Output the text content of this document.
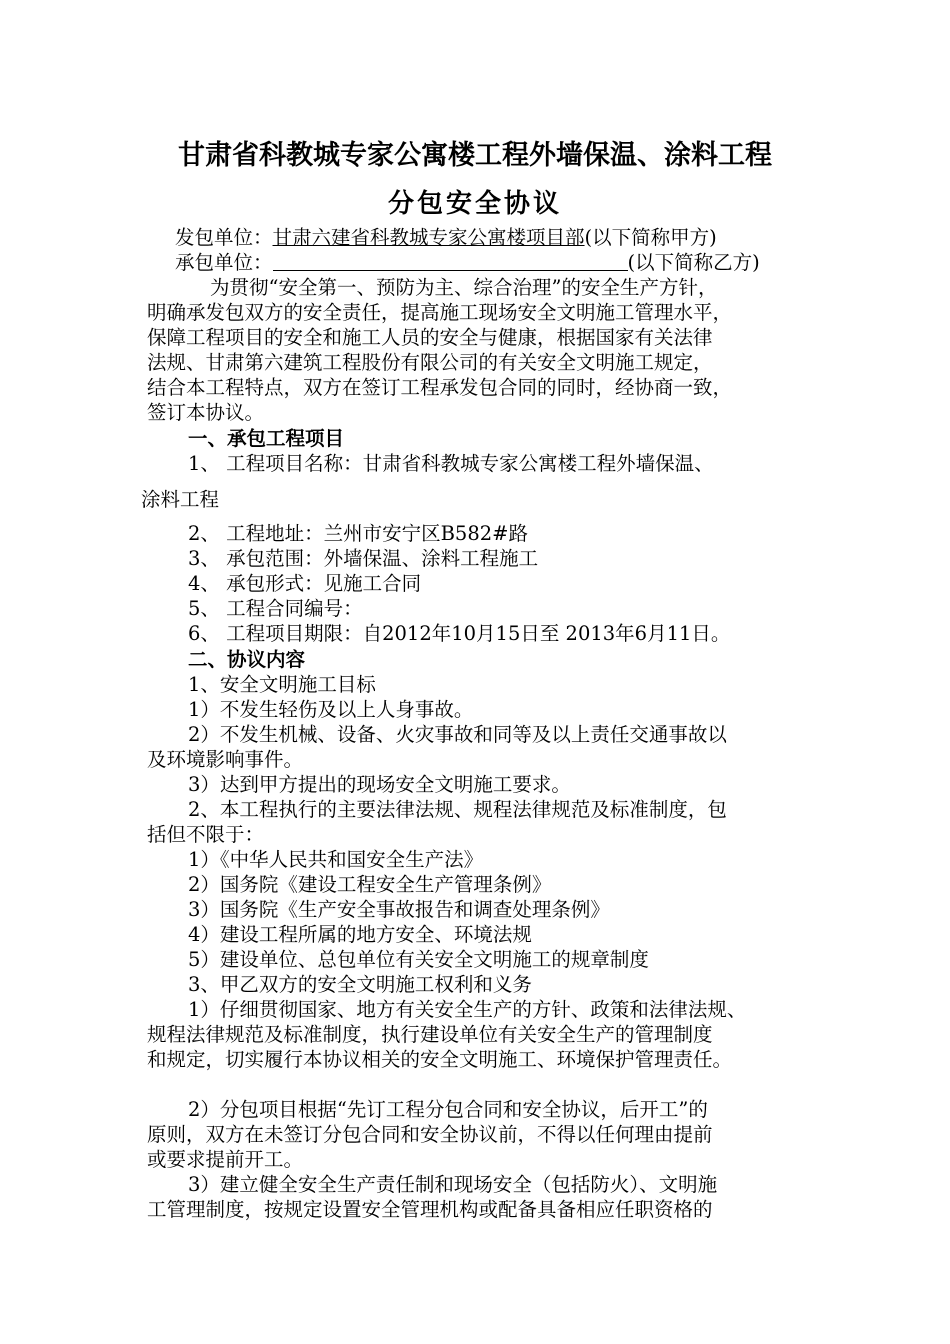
甘肃省科教城专家公寓楼工程外墙保温、涂料工程
分包安全协议
发包单位：甘肃六建省科教城专家公寓楼项目部(以下简称甲方)
承包单位：	(以下简称乙方)
为贯彻“安全第一、预防为主、综合治理”的安全生产方针，
明确承发包双方的安全责任，提高施工现场安全文明施工管理水平，
保障工程项目的安全和施工人员的安全与健康，根据国家有关法律
法规、甘肃第六建筑工程股份有限公司的有关安全文明施工规定，
结合本工程特点，双方在签订工程承发包合同的同时，经协商一致，
签订本协议。
一、承包工程项目
1、 工程项目名称：甘肃省科教城专家公寓楼工程外墙保温、
涂料工程
2、 工程地址：兰州市安宁区B582#路
3、 承包范围：外墙保温、涂料工程施工
4、 承包形式：见施工合同
5、 工程合同编号：
6、 工程项目期限：自2012年10月15日至 2013年6月11日。
二、协议内容
1、安全文明施工目标
1）不发生轻伤及以上人身事故。
2）不发生机械、设备、火灾事故和同等及以上责任交通事故以
及环境影响事件。
3）达到甲方提出的现场安全文明施工要求。
2、本工程执行的主要法律法规、规程法律规范及标准制度，包
括但不限于：
1）《中华人民共和国安全生产法》
2）国务院《建设工程安全生产管理条例》
3）国务院《生产安全事故报告和调查处理条例》
4）建设工程所属的地方安全、环境法规
5）建设单位、总包单位有关安全文明施工的规章制度
3、甲乙双方的安全文明施工权利和义务
1）仔细贯彻国家、地方有关安全生产的方针、政策和法律法规、
规程法律规范及标准制度，执行建设单位有关安全生产的管理制度
和规定，切实履行本协议相关的安全文明施工、环境保护管理责任。
2）分包项目根据“先订工程分包合同和安全协议，后开工”的
原则，双方在未签订分包合同和安全协议前，不得以任何理由提前
或要求提前开工。
3）建立健全安全生产责任制和现场安全（包括防火）、文明施
工管理制度，按规定设置安全管理机构或配备具备相应任职资格的
